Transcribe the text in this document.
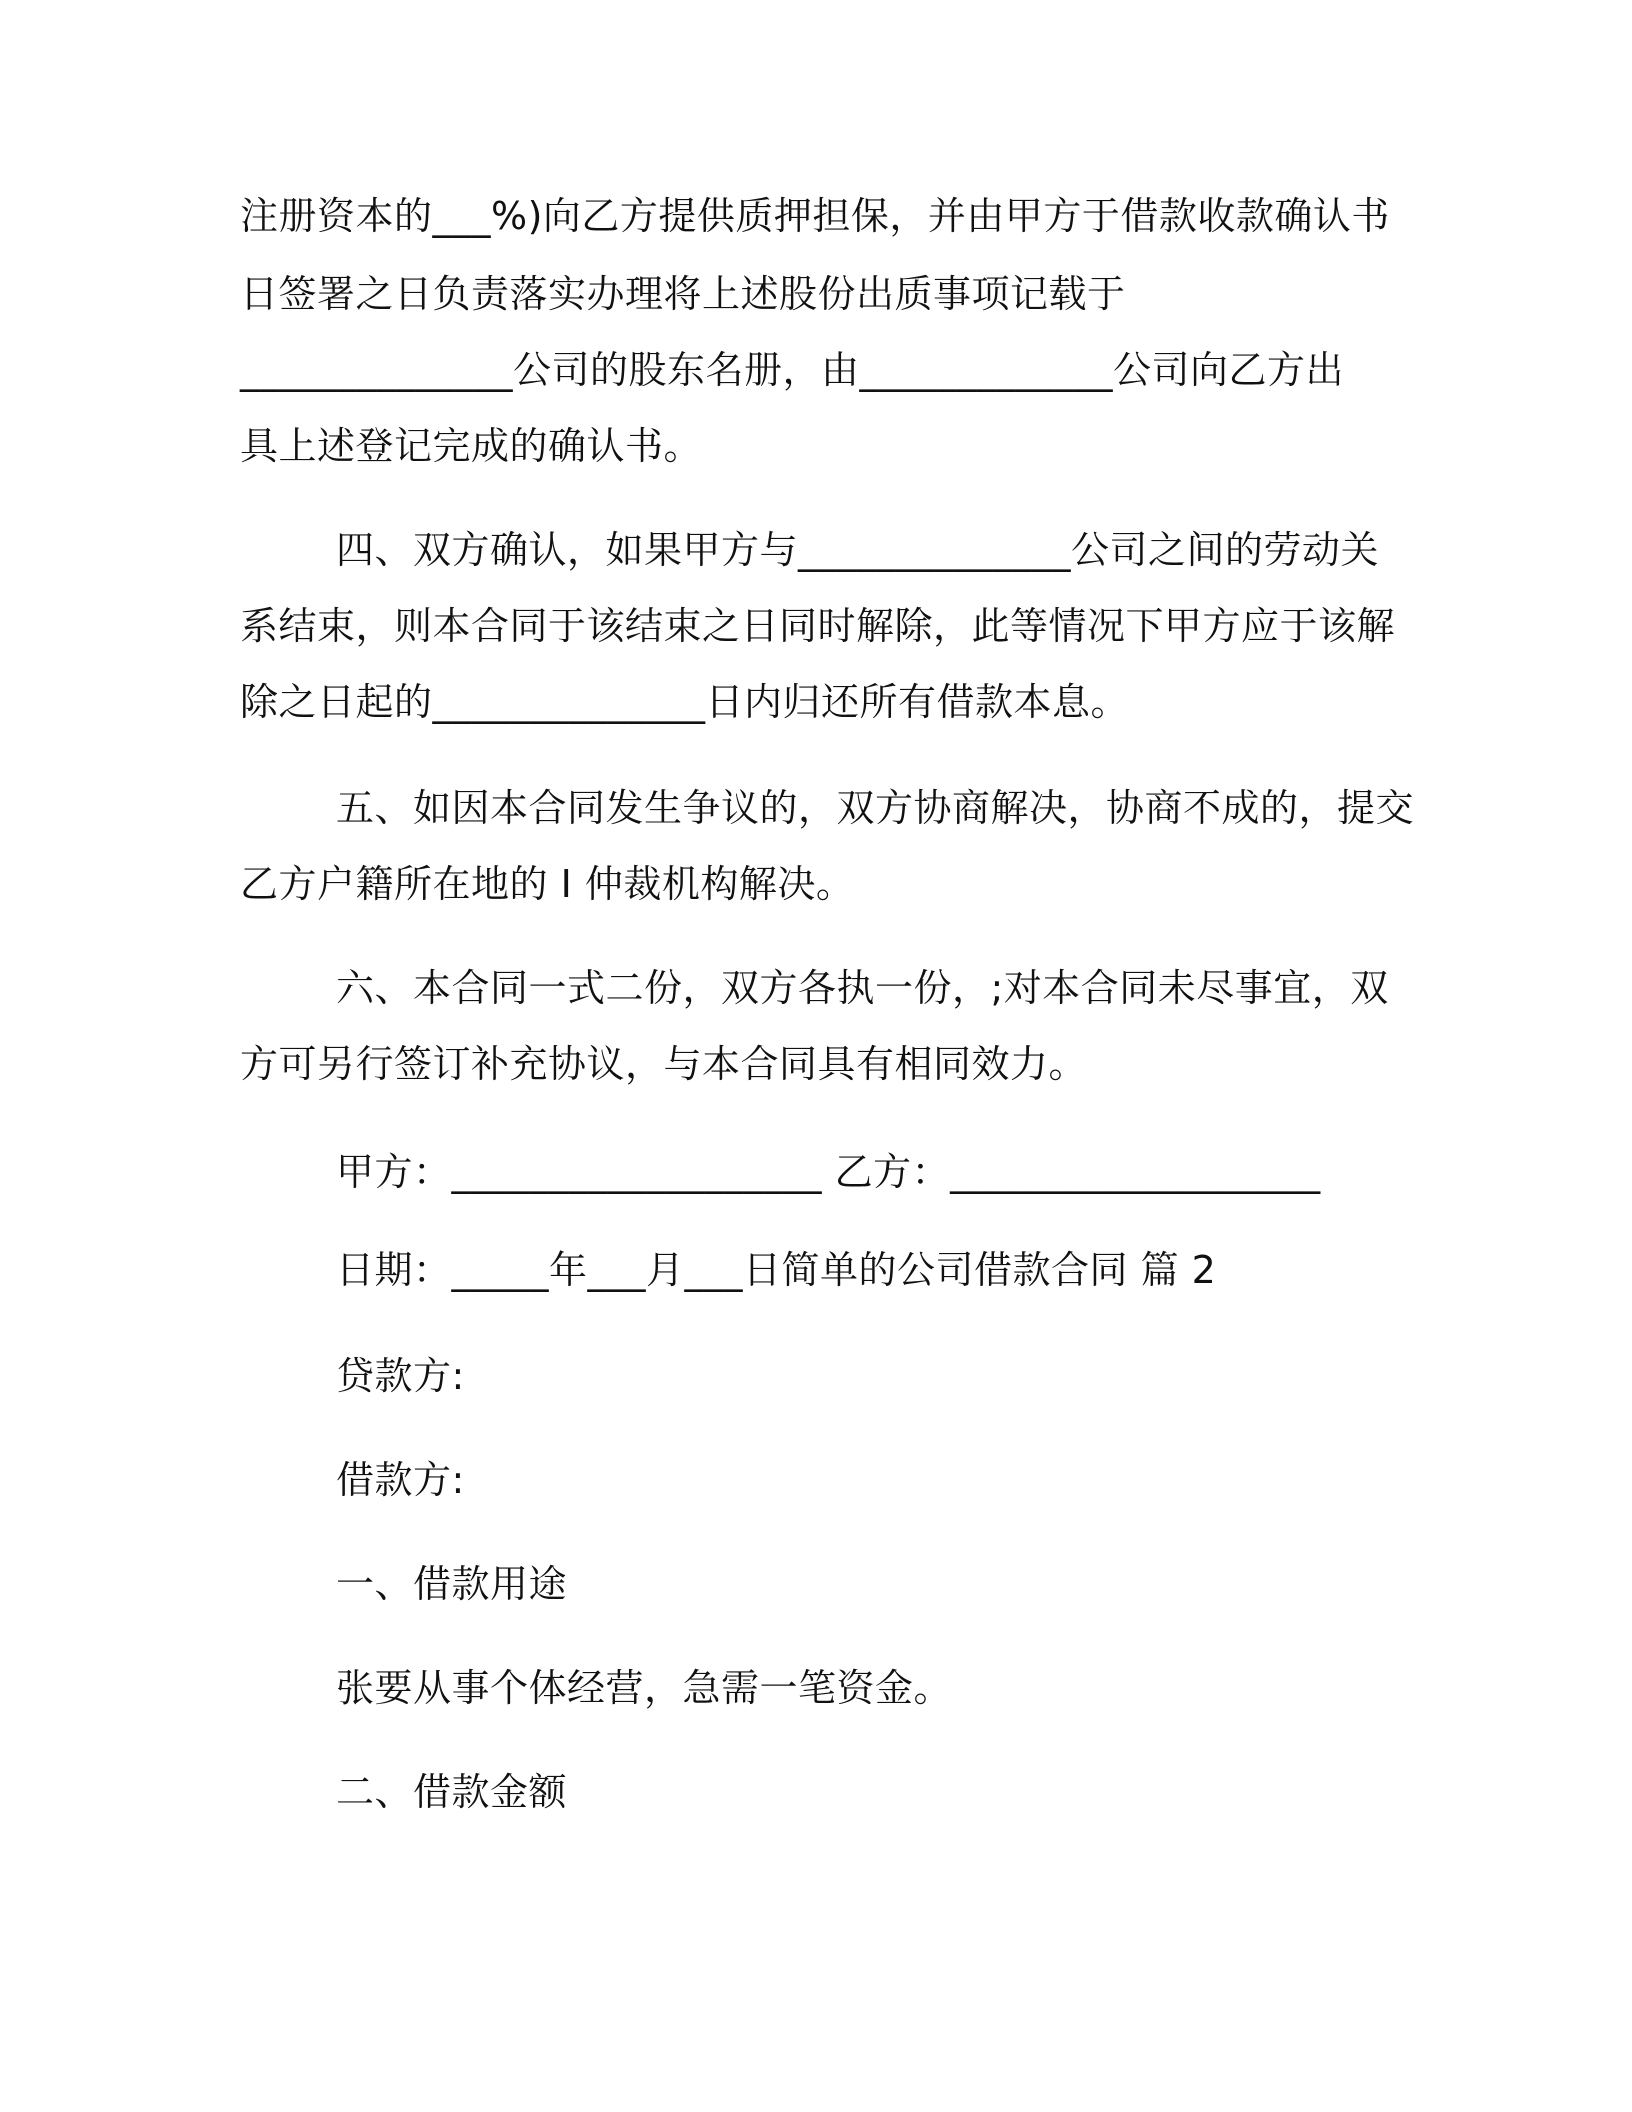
注册资本的___%)向乙方提供质押担保，并由甲方于借款收款确认书
日签署之日负责落实办理将上述股份出质事项记载于
______________公司的股东名册，由_____________公司向乙方出
具上述登记完成的确认书。
四、双方确认，如果甲方与______________公司之间的劳动关
系结束，则本合同于该结束之日同时解除，此等情况下甲方应于该解
除之日起的______________日内归还所有借款本息。
五、如因本合同发生争议的，双方协商解决，协商不成的，提交
乙方户籍所在地的 I 仲裁机构解决。
六、本合同一式二份，双方各执一份，;对本合同未尽事宜，双
方可另行签订补充协议，与本合同具有相同效力。
甲方：___________________ 乙方：___________________
日期：_____年___月___日简单的公司借款合同 篇 2
贷款方:
借款方:
一、借款用途
张要从事个体经营，急需一笔资金。
二、借款金额
